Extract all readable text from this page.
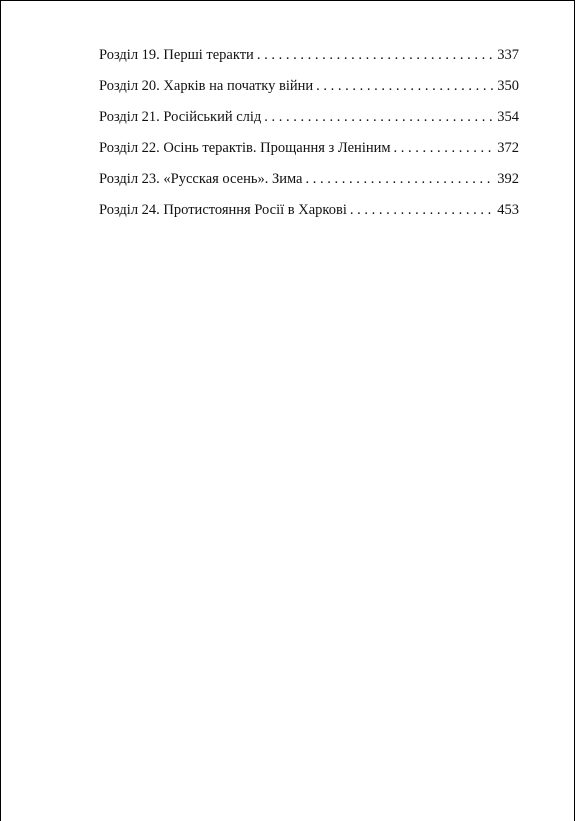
Розділ 19. Перші теракти . . .	337
Розділ 20. Харків на початку війни . . .	350
Розділ 21. Російський слід . . .	354
Розділ 22. Осінь терактів. Прощання з Леніним . . .	372
Розділ 23. «Русская осень». Зима . . .	392
Розділ 24. Протистояння Росії в Харкові . . .	453
